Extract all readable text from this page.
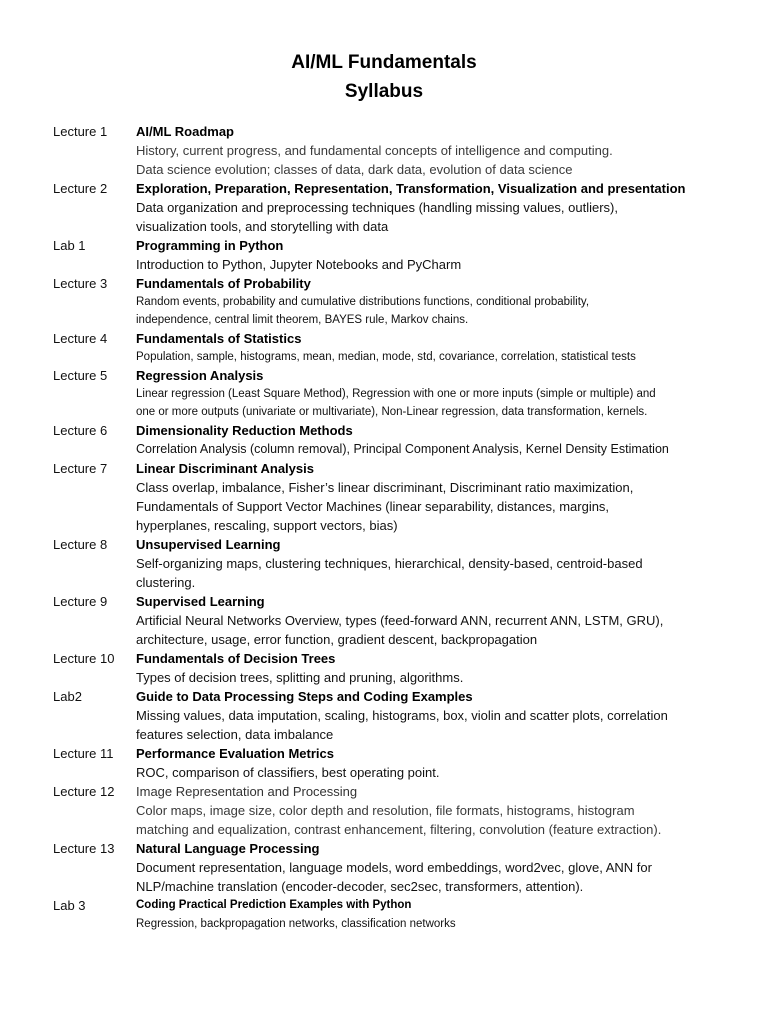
AI/ML Fundamentals
Syllabus
Lecture 1	AI/ML Roadmap
History, current progress, and fundamental concepts of intelligence and computing.
Data science evolution; classes of data, dark data, evolution of data science
Lecture 2	Exploration, Preparation, Representation, Transformation, Visualization and presentation
Data organization and preprocessing techniques (handling missing values, outliers),
visualization tools, and storytelling with data
Lab 1	Programming in Python
Introduction to Python, Jupyter Notebooks and PyCharm
Lecture 3	Fundamentals of Probability
Random events, probability and cumulative distributions functions, conditional probability,
independence, central limit theorem, BAYES rule, Markov chains.
Lecture 4	Fundamentals of Statistics
Population, sample, histograms, mean, median, mode, std, covariance, correlation, statistical tests
Lecture 5	Regression Analysis
Linear regression (Least Square Method), Regression with one or more inputs (simple or multiple) and
one or more outputs (univariate or multivariate), Non-Linear regression, data transformation, kernels.
Lecture 6	Dimensionality Reduction Methods
Correlation Analysis (column removal), Principal Component Analysis, Kernel Density Estimation
Lecture 7	Linear Discriminant Analysis
Class overlap, imbalance, Fisher’s linear discriminant, Discriminant ratio maximization,
Fundamentals of Support Vector Machines (linear separability, distances, margins,
hyperplanes, rescaling, support vectors, bias)
Lecture 8	Unsupervised Learning
Self-organizing maps, clustering techniques, hierarchical, density-based, centroid-based
clustering.
Lecture 9	Supervised Learning
Artificial Neural Networks Overview, types (feed-forward ANN, recurrent ANN, LSTM, GRU),
architecture, usage, error function, gradient descent, backpropagation
Lecture 10	Fundamentals of Decision Trees
Types of decision trees, splitting and pruning, algorithms.
Lab2	Guide to Data Processing Steps and Coding Examples
Missing values, data imputation, scaling, histograms, box, violin and scatter plots, correlation
features selection, data imbalance
Lecture 11	Performance Evaluation Metrics
ROC, comparison of classifiers, best operating point.
Lecture 12	Image Representation and Processing
Color maps, image size, color depth and resolution, file formats, histograms, histogram
matching and equalization, contrast enhancement, filtering, convolution (feature extraction).
Lecture 13	Natural Language Processing
Document representation, language models, word embeddings, word2vec, glove, ANN for
NLP/machine translation (encoder-decoder, sec2sec, transformers, attention).
Lab 3	Coding Practical Prediction Examples with Python
Regression, backpropagation networks, classification networks
